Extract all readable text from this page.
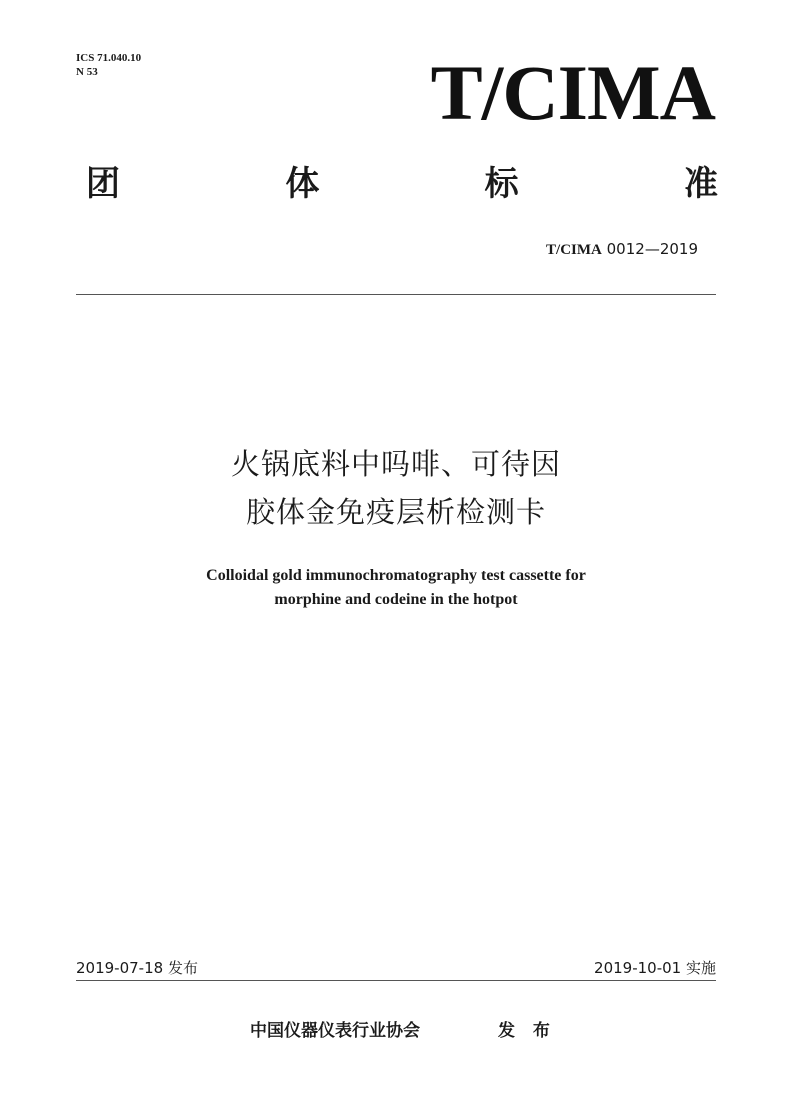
ICS 71.040.10
N 53	T/CIMA
团	体	标	准
T/CIMA 0012—2019
火锅底料中吗啡、可待因
胶体金免疫层析检测卡
Colloidal gold immunochromatography test cassette for
morphine and codeine in the hotpot
2019-07-18 发布	2019-10-01 实施
中国仪器仪表行业协会	发 布
